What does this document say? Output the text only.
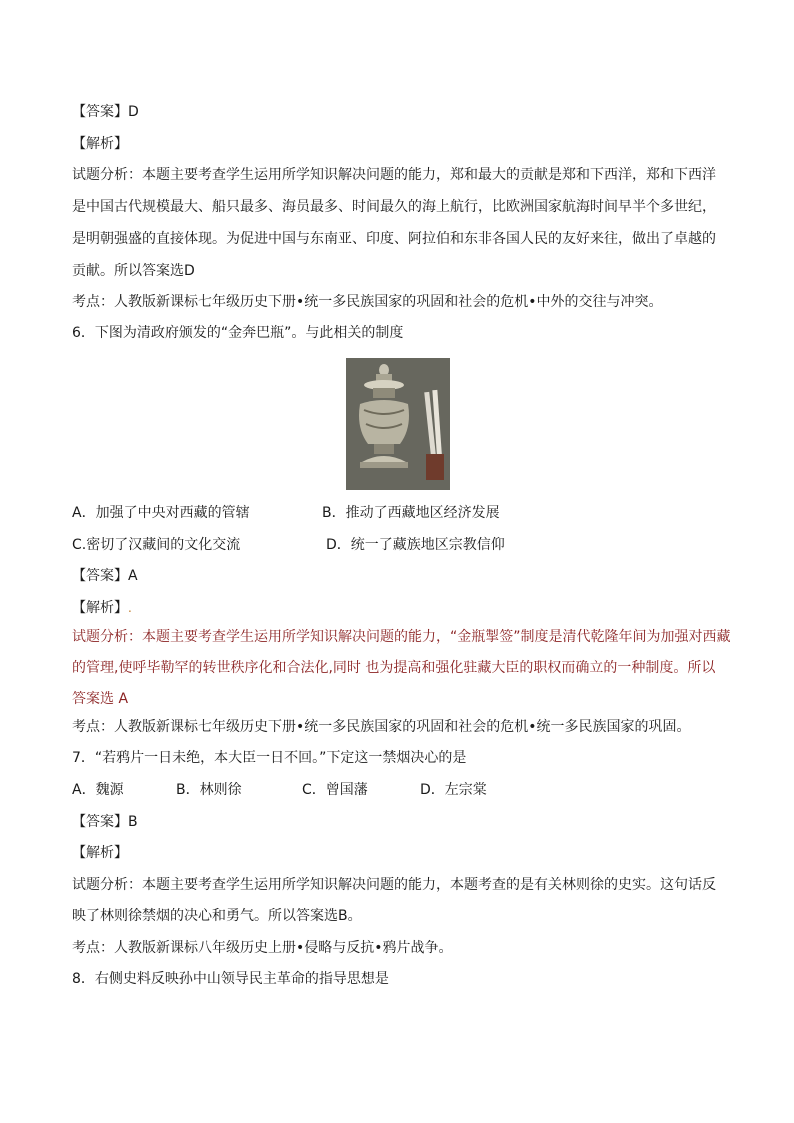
【答案】D
【解析】
试题分析：本题主要考查学生运用所学知识解决问题的能力，郑和最大的贡献是郑和下西洋，郑和下西洋
是中国古代规模最大、船只最多、海员最多、时间最久的海上航行，比欧洲国家航海时间早半个多世纪，
是明朝强盛的直接体现。为促进中国与东南亚、印度、阿拉伯和东非各国人民的友好来往，做出了卓越的
贡献。所以答案选D
考点：人教版新课标七年级历史下册•统一多民族国家的巩固和社会的危机•中外的交往与冲突。
6．下图为清政府颁发的“金奔巴瓶”。与此相关的制度
A．加强了中央对西藏的管辖	B．推动了西藏地区经济发展
C.密切了汉藏间的文化交流	D．统一了藏族地区宗教信仰
【答案】A
【解析】.
试题分析：本题主要考查学生运用所学知识解决问题的能力，“金瓶掣签”制度是清代乾隆年间为加强对西藏
的管理,使呼毕勒罕的转世秩序化和合法化,同时 也为提高和强化驻藏大臣的职权而确立的一种制度。所以
答案选 A
考点：人教版新课标七年级历史下册•统一多民族国家的巩固和社会的危机•统一多民族国家的巩固。
7．“若鸦片一日未绝，本大臣一日不回。”下定这一禁烟决心的是
A．魏源	B．林则徐	C．曾国藩	D．左宗棠
【答案】B
【解析】
试题分析：本题主要考查学生运用所学知识解决问题的能力，本题考查的是有关林则徐的史实。这句话反
映了林则徐禁烟的决心和勇气。所以答案选B。
考点：人教版新课标八年级历史上册•侵略与反抗•鸦片战争。
8．右侧史料反映孙中山领导民主革命的指导思想是
